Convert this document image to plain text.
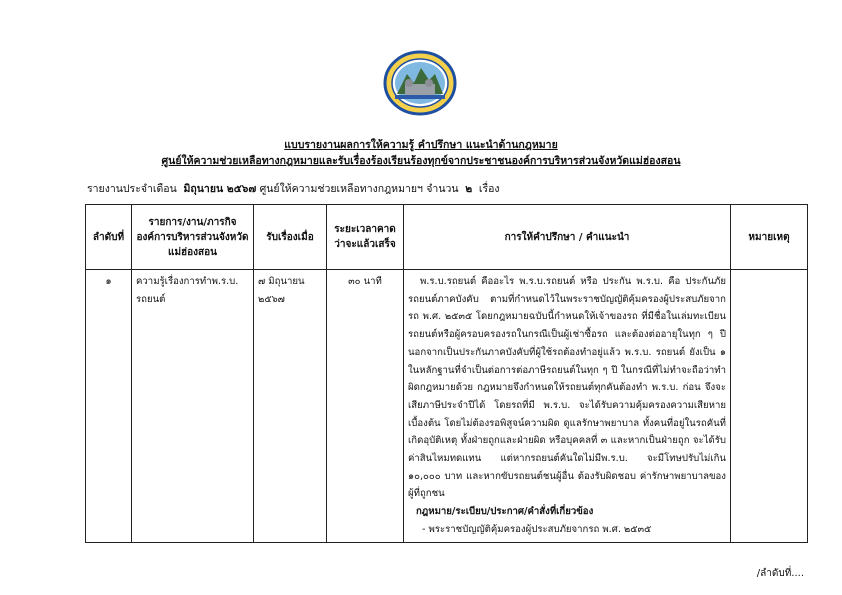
แบบรายงานผลการให้ความรู้ คำปรึกษา แนะนำด้านกฎหมาย
ศูนย์ให้ความช่วยเหลือทางกฎหมายและรับเรื่องร้องเรียนร้องทุกข์จากประชาชนองค์การบริหารส่วนจังหวัดแม่ฮ่องสอน
รายงานประจำเดือน มิถุนายน ๒๕๖๗ ศูนย์ให้ความช่วยเหลือทางกฎหมายฯ จำนวน ๒ เรื่อง
ลำดับที่	รายการ/งาน/ภารกิจองค์การบริหารส่วนจังหวัดแม่ฮ่องสอน	รับเรื่องเมื่อ	ระยะเวลาคาดว่าจะแล้วเสร็จ	การให้คำปรึกษา / คำแนะนำ	หมายเหตุ
๑	ความรู้เรื่องการทำพ.ร.บ. รถยนต์	๗ มิถุนายน ๒๕๖๗	๓๐ นาที	พ.ร.บ.รถยนต์ คืออะไร พ.ร.บ.รถยนต์ หรือ ประกัน พ.ร.บ. คือ ประกันภัยรถยนต์ภาคบังคับ ตามที่กำหนดไว้ในพระราชบัญญัติคุ้มครองผู้ประสบภัยจากรถ พ.ศ. ๒๕๓๕ โดยกฎหมายฉบับนี้กำหนดให้เจ้าของรถ ที่มีชื่อในเล่มทะเบียนรถยนต์หรือผู้ครอบครองรถในกรณีเป็นผู้เช่าซื้อรถ และต้องต่ออายุในทุก ๆ ปี นอกจากเป็นประกันภาคบังคับที่ผู้ใช้รถต้องทำอยู่แล้ว พ.ร.บ. รถยนต์ ยังเป็น ๑ ในหลักฐานที่จำเป็นต่อการต่อภาษีรถยนต์ในทุก ๆ ปี ในกรณีที่ไม่ทำจะถือว่าทำผิดกฎหมายด้วย กฎหมายจึงกำหนดให้รถยนต์ทุกคันต้องทำ พ.ร.บ. ก่อน จึงจะเสียภาษีประจำปีได้ โดยรถที่มี พ.ร.บ. จะได้รับความคุ้มครองความเสียหายเบื้องต้น โดยไม่ต้องรอพิสูจน์ความผิด ดูแลรักษาพยาบาล ทั้งคนที่อยู่ในรถคันที่เกิดอุบัติเหตุ ทั้งฝ่ายถูกและฝ่ายผิด หรือบุคคลที่ ๓ และหากเป็นฝ่ายถูก จะได้รับค่าสินไหมทดแทน แต่หากรถยนต์คันใดไม่มีพ.ร.บ. จะมีโทษปรับไม่เกิน ๑๐,๐๐๐ บาท และหากขับรถยนต์ชนผู้อื่น ต้องรับผิดชอบ ค่ารักษาพยาบาลของผู้ที่ถูกชน
กฎหมาย/ระเบียบ/ประกาศ/คำสั่งที่เกี่ยวข้อง
- พระราชบัญญัติคุ้มครองผู้ประสบภัยจากรถ พ.ศ. ๒๕๓๕	

/ลำดับที่....
